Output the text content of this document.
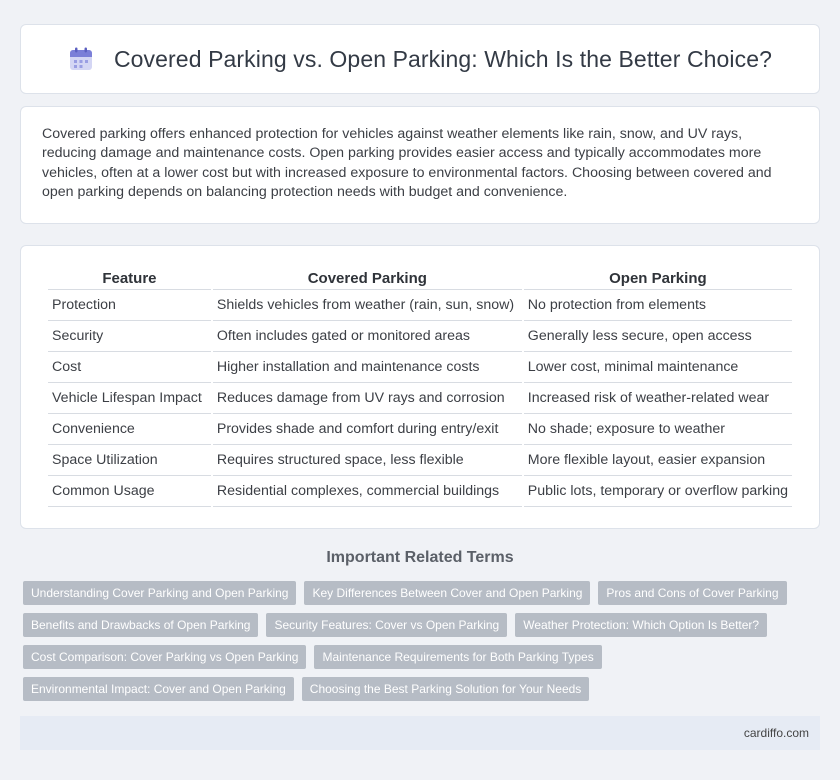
Covered Parking vs. Open Parking: Which Is the Better Choice?

Covered parking offers enhanced protection for vehicles against weather elements like rain, snow, and UV rays, reducing damage and maintenance costs. Open parking provides easier access and typically accommodates more vehicles, often at a lower cost but with increased exposure to environmental factors. Choosing between covered and open parking depends on balancing protection needs with budget and convenience.

Feature	Covered Parking	Open Parking
Protection	Shields vehicles from weather (rain, sun, snow)	No protection from elements
Security	Often includes gated or monitored areas	Generally less secure, open access
Cost	Higher installation and maintenance costs	Lower cost, minimal maintenance
Vehicle Lifespan Impact	Reduces damage from UV rays and corrosion	Increased risk of weather-related wear
Convenience	Provides shade and comfort during entry/exit	No shade; exposure to weather
Space Utilization	Requires structured space, less flexible	More flexible layout, easier expansion
Common Usage	Residential complexes, commercial buildings	Public lots, temporary or overflow parking
Important Related Terms
Understanding Cover Parking and Open Parking	Key Differences Between Cover and Open Parking	Pros and Cons of Cover Parking
Benefits and Drawbacks of Open Parking	Security Features: Cover vs Open Parking	Weather Protection: Which Option Is Better?
Cost Comparison: Cover Parking vs Open Parking	Maintenance Requirements for Both Parking Types
Environmental Impact: Cover and Open Parking	Choosing the Best Parking Solution for Your Needs
cardiffo.com
